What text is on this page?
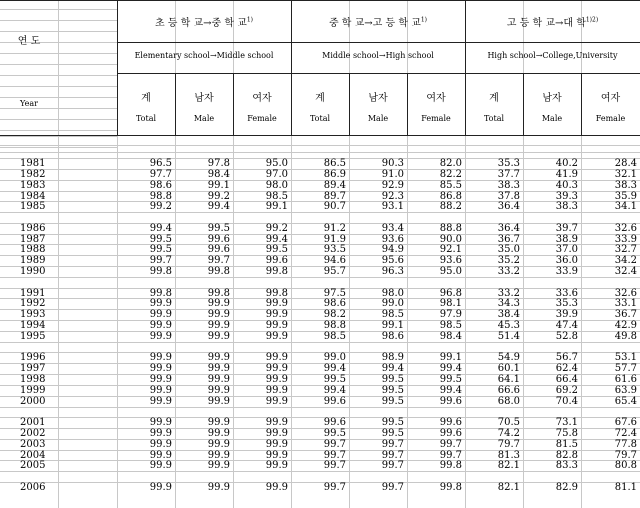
연 도
Year
초 등 학 교→중 학 교$^{1)}$
Elementary school→Middle school
중 학 교→고 등 학 교$^{1)}$
Middle school→High school
고 등 학 교→대 학$^{1)2)}$
High school→College,University
계
Total
남자
Male
여자
Female
계
Total
남자
Male
여자
Female
계
Total
남자
Male
여자
Female
1981	96.5	97.8	95.0	86.5	90.3	82.0	35.3	40.2	28.4
1982	97.7	98.4	97.0	86.9	91.0	82.2	37.7	41.9	32.1
1983	98.6	99.1	98.0	89.4	92.9	85.5	38.3	40.3	38.3
1984	98.8	99.2	98.5	89.7	92.3	86.8	37.8	39.3	35.9
1985	99.2	99.4	99.1	90.7	93.1	88.2	36.4	38.3	34.1
1986	99.4	99.5	99.2	91.2	93.4	88.8	36.4	39.7	32.6
1987	99.5	99.6	99.4	91.9	93.6	90.0	36.7	38.9	33.9
1988	99.5	99.6	99.5	93.5	94.9	92.1	35.0	37.0	32.7
1989	99.7	99.7	99.6	94.6	95.6	93.6	35.2	36.0	34.2
1990	99.8	99.8	99.8	95.7	96.3	95.0	33.2	33.9	32.4
1991	99.8	99.8	99.8	97.5	98.0	96.8	33.2	33.6	32.6
1992	99.9	99.9	99.9	98.6	99.0	98.1	34.3	35.3	33.1
1993	99.9	99.9	99.9	98.2	98.5	97.9	38.4	39.9	36.7
1994	99.9	99.9	99.9	98.8	99.1	98.5	45.3	47.4	42.9
1995	99.9	99.9	99.9	98.5	98.6	98.4	51.4	52.8	49.8
1996	99.9	99.9	99.9	99.0	98.9	99.1	54.9	56.7	53.1
1997	99.9	99.9	99.9	99.4	99.4	99.4	60.1	62.4	57.7
1998	99.9	99.9	99.9	99.5	99.5	99.5	64.1	66.4	61.6
1999	99.9	99.9	99.9	99.4	99.5	99.4	66.6	69.2	63.9
2000	99.9	99.9	99.9	99.6	99.5	99.6	68.0	70.4	65.4
2001	99.9	99.9	99.9	99.6	99.5	99.6	70.5	73.1	67.6
2002	99.9	99.9	99.9	99.5	99.5	99.6	74.2	75.8	72.4
2003	99.9	99.9	99.9	99.7	99.7	99.7	79.7	81.5	77.8
2004	99.9	99.9	99.9	99.7	99.7	99.7	81.3	82.8	79.7
2005	99.9	99.9	99.9	99.7	99.7	99.8	82.1	83.3	80.8
2006	99.9	99.9	99.9	99.7	99.7	99.8	82.1	82.9	81.1
